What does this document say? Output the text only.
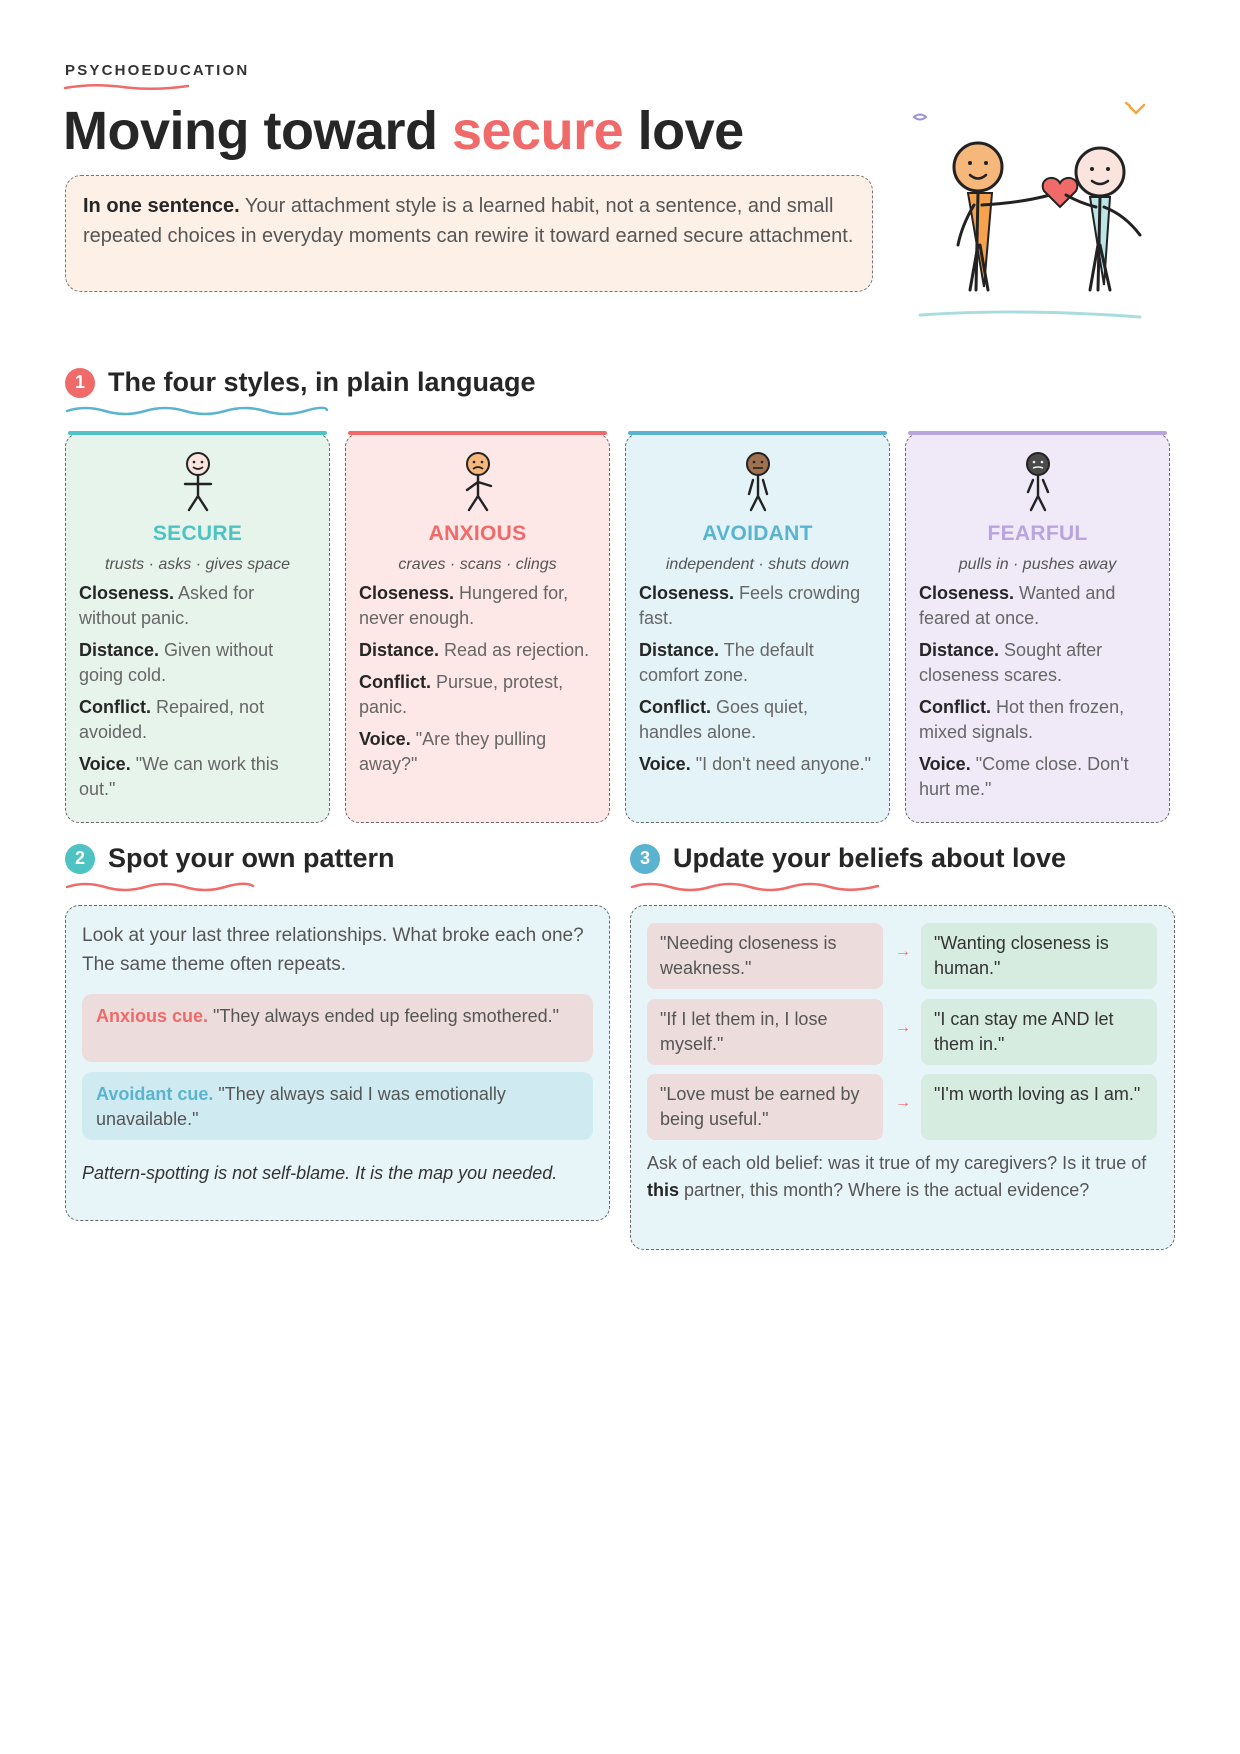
PSYCHOEDUCATION
Moving toward secure love
In one sentence. Your attachment style is a learned habit, not a sentence, and small repeated choices in everyday moments can rewire it toward earned secure attachment.
1 The four styles, in plain language
SECURE
trusts · asks · gives space
Closeness. Asked for without panic.
Distance. Given without going cold.
Conflict. Repaired, not avoided.
Voice. "We can work this out."
ANXIOUS
craves · scans · clings
Closeness. Hungered for, never enough.
Distance. Read as rejection.
Conflict. Pursue, protest, panic.
Voice. "Are they pulling away?"
AVOIDANT
independent · shuts down
Closeness. Feels crowding fast.
Distance. The default comfort zone.
Conflict. Goes quiet, handles alone.
Voice. "I don't need anyone."
FEARFUL
pulls in · pushes away
Closeness. Wanted and feared at once.
Distance. Sought after closeness scares.
Conflict. Hot then frozen, mixed signals.
Voice. "Come close. Don't hurt me."
2 Spot your own pattern
Look at your last three relationships. What broke each one? The same theme often repeats.
Anxious cue. "They always ended up feeling smothered."
Avoidant cue. "They always said I was emotionally unavailable."
Pattern-spotting is not self-blame. It is the map you needed.
3 Update your beliefs about love
"Needing closeness is weakness."
→	"Wanting closeness is human."
"If I let them in, I lose myself."
→	"I can stay me AND let them in."
"Love must be earned by being useful."
→	"I'm worth loving as I am."
Ask of each old belief: was it true of my caregivers? Is it true of this partner, this month? Where is the actual evidence?
